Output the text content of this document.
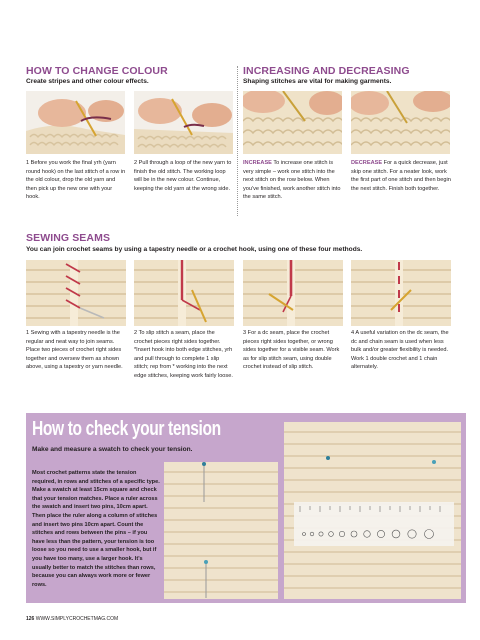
HOW TO CHANGE COLOUR
Create stripes and other colour effects.
1 Before you work the final yrh (yarn round hook) on the last stitch of a row in the old colour, drop the old yarn and then pick up the new one with your hook.
2 Pull through a loop of the new yarn to finish the old stitch. The working loop will be in the new colour. Continue, keeping the old yarn at the wrong side.
INCREASING AND DECREASING
Shaping stitches are vital for making garments.
INCREASE To increase one stitch is very simple – work one stitch into the next stitch on the row below. When you've finished, work another stitch into the same stitch.
DECREASE For a quick decrease, just skip one stitch. For a neater look, work the first part of one stitch and then begin the next stitch. Finish both together.
SEWING SEAMS
You can join crochet seams by using a tapestry needle or a crochet hook, using one of these four methods.
1 Sewing with a tapestry needle is the regular and neat way to join seams. Place two pieces of crochet right sides together and oversew them as shown above, using a tapestry or yarn needle.
2 To slip stitch a seam, place the crochet pieces right sides together. *Insert hook into both edge stitches, yrh and pull through to complete 1 slip stitch; rep from * working into the next edge stitches, keeping work fairly loose.
3 For a dc seam, place the crochet pieces right sides together, or wrong sides together for a visible seam. Work as for slip stitch seam, using double crochet instead of slip stitch.
4 A useful variation on the dc seam, the dc and chain seam is used when less bulk and/or greater flexibility is needed. Work 1 double crochet and 1 chain alternately.
How to check your tension
Make and measure a swatch to check your tension.
Most crochet patterns state the tension required, in rows and stitches of a specific type. Make a swatch at least 15cm square and check that your tension matches. Place a ruler across the swatch and insert two pins, 10cm apart. Then place the ruler along a column of stitches and insert two pins 10cm apart. Count the stitches and rows between the pins – if you have less than the pattern, your tension is too loose so you need to use a smaller hook, but if you have too many, use a larger hook. It's usually better to match the stitches than rows, because you can always work more or fewer rows.
126 WWW.SIMPLYCROCHETMAG.COM
